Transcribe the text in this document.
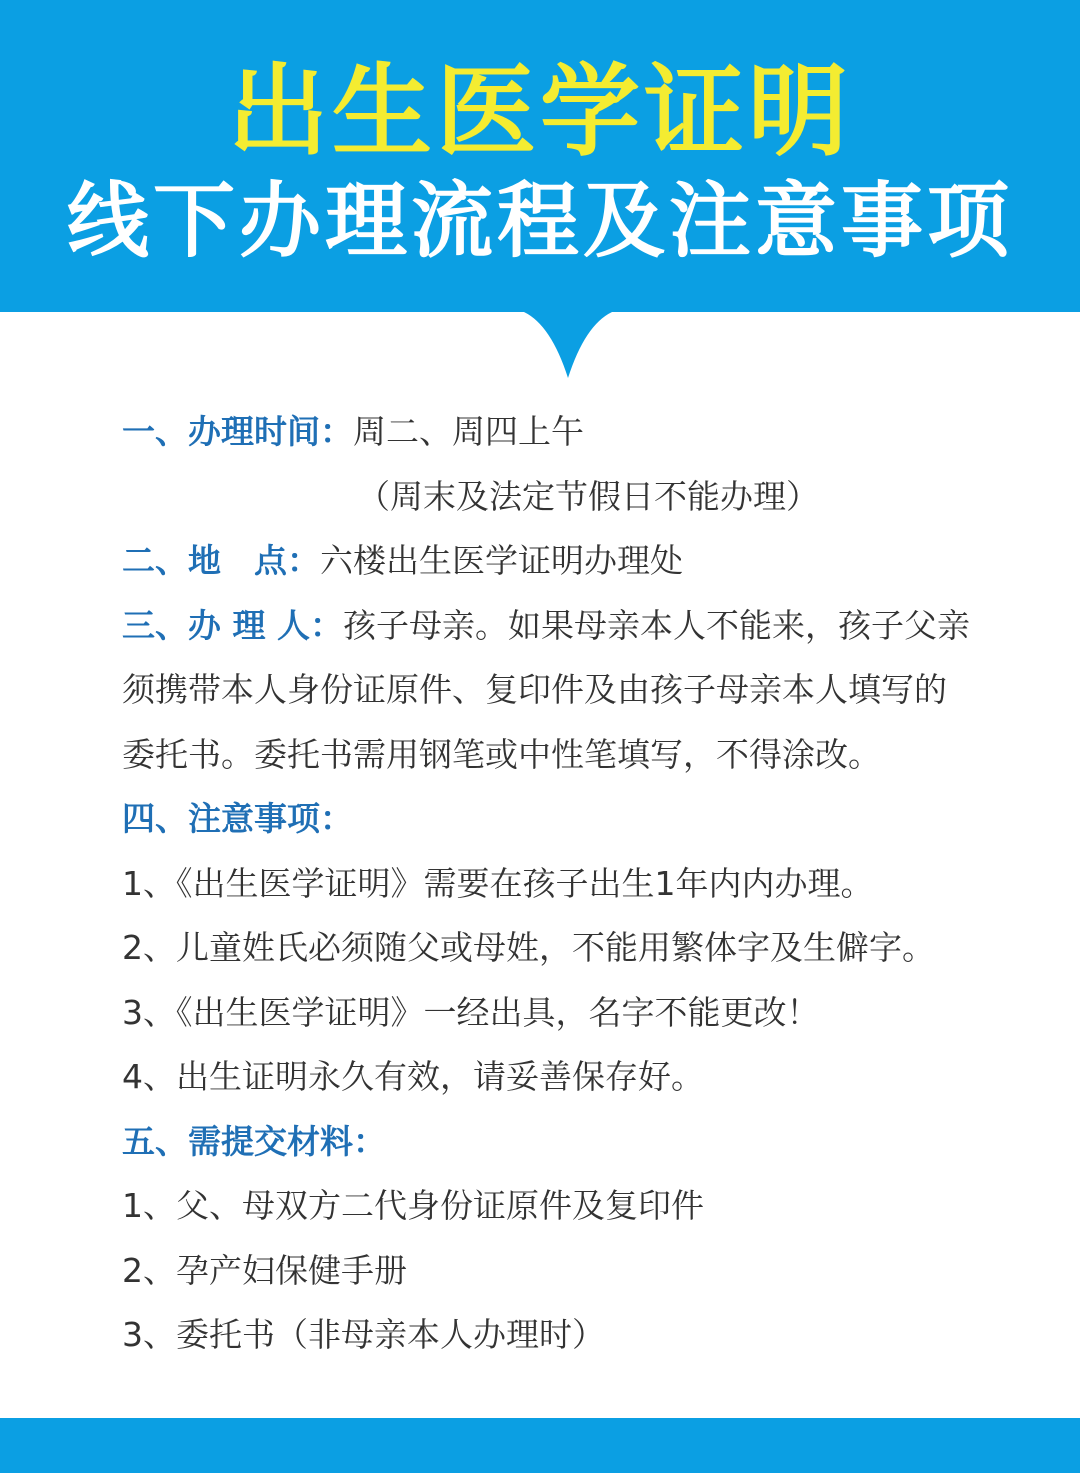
出生医学证明
线下办理流程及注意事项
一、办理时间：周二、周四上午
（周末及法定节假日不能办理）
二、地　点：六楼出生医学证明办理处
三、办 理 人：孩子母亲。如果母亲本人不能来，孩子父亲
须携带本人身份证原件、复印件及由孩子母亲本人填写的
委托书。委托书需用钢笔或中性笔填写，不得涂改。
四、注意事项：
1、《出生医学证明》需要在孩子出生1年内内办理。
2、儿童姓氏必须随父或母姓，不能用繁体字及生僻字。
3、《出生医学证明》一经出具，名字不能更改！
4、出生证明永久有效，请妥善保存好。
五、需提交材料：
1、父、母双方二代身份证原件及复印件
2、孕产妇保健手册
3、委托书（非母亲本人办理时）
